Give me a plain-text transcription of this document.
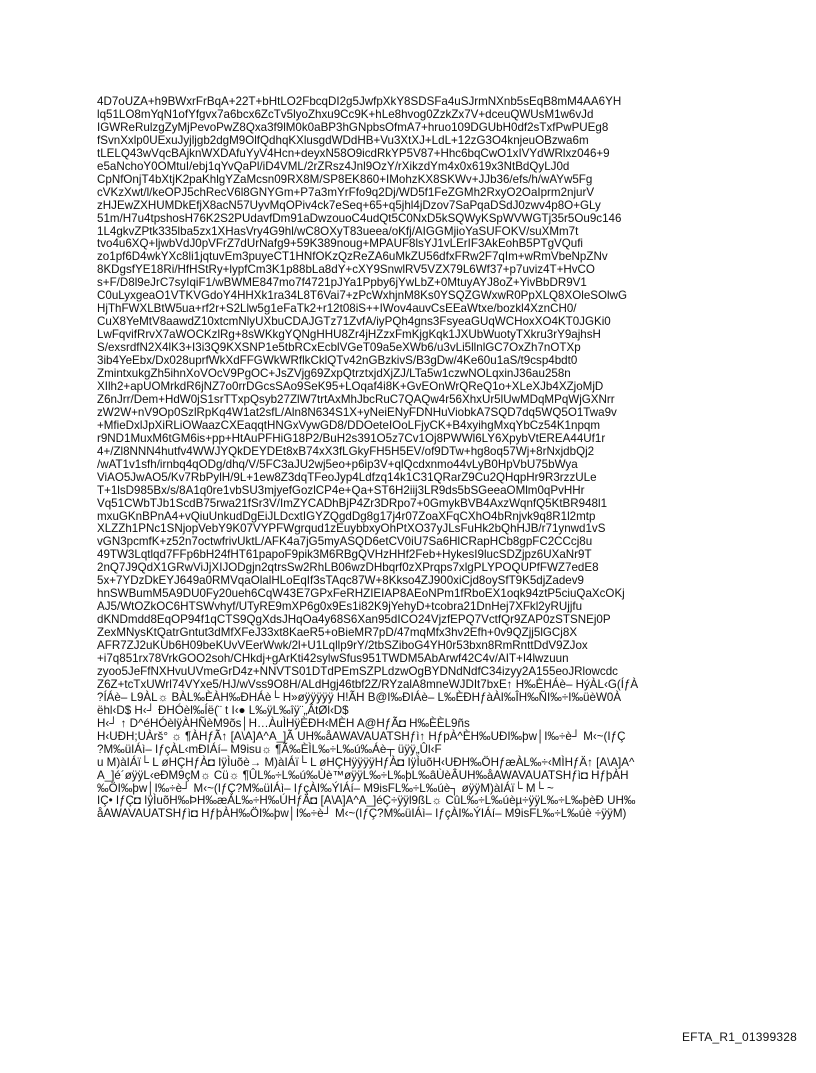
4D7oUZA+h9BWxrFrBqA+22T+bHtLO2FbcqDI2g5JwfpXkY8SDSFa4uSJrmNXnb5sEqB8mM4AA6YH
lq51LO8mYqN1ofYfgvx7a6bcx6ZcTv5lyoZhxu9Cc9K+hLe8hvog0ZzkZx7V+dceuQWUsM1w6vJd
IGWReRulzgZyMjPevoPwZ8Qxa3f9lM0k0aBP3hGNpbsOfmA7+hruo109DGUbH0df2sTxfPwPUEg8
fSvnXxlp0UExuJyjljgb2dgM9OlfQdhqKXlusgdWDdHB+Vu3XtXJ+LdL+12zG3O4knjeuOBzwa6m
tLELQ43wVqcBAjknWXDAfuYyV4Hcn+deyxN58O9icdRkYP5V87+Hhc6bqCwO1xIVYdWRlxz046+9
e5aNchoY0OMtuI/ebj1qYvQaPl/iD4VML/2rZRsz4Jnl9OzY/rXikzdYm4x0x619x3NtBdQyLJ0d
CpNfOnjT4bXtjK2paKhlgYZaMcsn09RX8M/SP8EK860+IMohzKX8SKWv+JJb36/efs/h/wAYw5Fg
cVKzXwt/l/keOPJ5chRecV6l8GNYGm+P7a3mYrFfo9q2Dj/WD5f1FeZGMh2RxyO2OaIprm2njurV
zHJEwZXHUMDkEfjX8acN57UyvMqOPiv4ck7eSeq+65+q5jhl4jDzov7SaPqaDSdJ0zwv4p8O+GLy
51m/H7u4tpshosH76K2S2PUdavfDm91aDwzouoC4udQt5C0NxD5kSQWyKSpWVWGTj35r5Ou9c146
1L4gkvZPtk335lba5zx1XHasVry4G9hl/wC8OXyT83ueea/oKfj/AIGGMjioYaSUFOKV/suXMm7t
tvo4u6XQ+ljwbVdJ0pVFrZ7dUrNafg9+59K389noug+MPAUF8lsYJ1vLErIF3AkEohB5PTgVQufi
zo1pf6D4wkYXc8li1jqtuvEm3puyeCT1HNfOKzQzReZA6uMkZU56dfxFRw2F7qIm+wRmVbeNpZNv
8KDgsfYE18Ri/HfHStRy+lypfCm3K1p88bLa8dY+cXY9SnwlRV5VZX79L6Wf37+p7uviz4T+HvCO
s+F/D8l9eJrC7syIqiF1/wBWME847mo7f4721pJYa1Ppby6jYwLbZ+0MtuyAYJ8oZ+YivBbDR9V1
C0uLyxgeaO1VTKVGdoY4HHXk1ra34L8T6Vai7+zPcWxhjnM8Ks0YSQZGWxwR0PpXLQ8XOleSOlwG
HjThFWXLBtW5ua+rf2r+S2Llw5g1eFaTk2+r12t08iS++IWov4auvCsEEaWtxe/bozkl4XznCH0/
CuX8YeMtV8aawdZ10xtcmNlyUXbuCDAJGTz71ZvfA/iyPQh4gns3FsyeaGUqWCHoxXO4KT0JGKi0
LwFqvifRrvX7aWOCKzlRg+8sWKkgYQNgHHU8Zr4jHZzxFmKjgKqk1JXUbWuotyTXkru3rY9ajhsH
S/exsrdfN2X4lK3+I3i3Q9KXSNP1e5tbRCxEcblVGeT09a5eXWb6/u3vLi5llnlGC7OxZh7nOTXp
3ib4YeEbx/Dx028uprfWkXdFFGWkWRflkCklQTv42nGBzkivS/B3gDw/4Ke60u1aS/t9csp4bdt0
ZmintxukgZh5ihnXoVOcV9PgOC+JsZVjg69ZxpQtrztxjdXjZJ/LTa5w1czwNOLqxinJ36au258n
XIlh2+apUOMrkdR6jNZ7o0rrDGcsSAo9SeK95+LOqaf4i8K+GvEOnWrQReQ1o+XLeXJb4XZjoMjD
Z6nJrr/Dem+HdW0jS1srTTxpQsyb27ZlW7trtAxMhJbcRuC7QAQw4r56XhxUr5lUwMDqMPqWjGXNrr
zW2W+nV9Op0SzlRpKq4W1at2sfL/Aln8N634S1X+yNeiENyFDNHuViobkA7SQD7dq5WQ5O1Twa9v
+MfieDxlJpXiRLiOWaazCXEaqqtHNGxVywGD8/DDOeteIOoLFjyCK+B4xyihgMxqYbCz54K1npqm
r9ND1MuxM6tGM6is+pp+HtAuPFHiG18P2/BuH2s391O5z7Cv1Oj8PWWl6LY6XpybVtEREA44Uf1r
4+/Zl8NNN4hutfv4WWJYQkDEYDEt8xB74xX3fLGkyFH5H5EV/of9DTw+hg8oq57Wj+8rNxjdbQj2
/wAT1v1sfh/irnbq4qODg/dhq/V/5FC3aJU2wj5eo+p6ip3V+qlQcdxnmo44vLyB0HpVbU75bWya
ViAO5JwAO5/Kv7RbPylH/9L+1ew8Z3dqTFeoJyp4Ldfzq14k1C31QRarZ9Cu2QHqpHr9R3rzzULe
T+1lsD985Bx/s/8A1q0re1vbSU3mjyefGozlCP4e+Qa+ST6H2iij3LR9ds5bSGeeaOMlm0qPvHHr
Vq51CWbTJb1ScdB75rwa21fSr3V/ImZYCADhBjP4Zr3DRpo7+0GmykBVB4AxzWqnfQ5KtBR948l1
mxuGKnBPnA4+vQiuUnkudDgEiJLDcxtIGYZQgdDg8g17j4r07ZoaXFqCXhO4bRnjvk9q8R1l2mtp
XLZZh1PNc1SNjopVebY9K07VYPFWgrqud1zEuybbxyOhPtXO37yJLsFuHk2bQhHJB/r71ynwd1vS
vGN3pcmfK+z52n7octwfrivUktL/AFK4a7jG5myASQD6etCV0iU7Sa6HlCRapHCb8gpFC2CCcj8u
49TW3Lqtlqd7FFp6bH24fHT61papoF9pik3M6RBgQVHzHHf2Feb+HykesI9lucSDZjpz6UXaNr9T
2nQ7J9QdX1GRwViJjXIJODgjn2qtrsSw2RhLB06wzDHbqrf0zXPrqps7xlgPLYPOQUPfFWZ7edE8
5x+7YDzDkEYJ649a0RMVqaOlalHLoEqIf3sTAqc87W+8Kkso4ZJ900xiCjd8oySfT9K5djZadev9
hnSWBumM5A9DU0Fy20ueh6CqW43E7GPxFeRHZIEIAP8AEoNPm1fRboEX1oqk94ztP5ciuQaXcOKj
AJ5/WtOZkOC6HTSWvhyf/UTyRE9mXP6g0x9Es1i82K9jYehyD+tcobra21DnHej7XFkl2yRUjjfu
dKNDmdd8EqOP94f1qCTS9QgXdsJHqOa4y68S6Xan95dICO24VjzfEPQ7VctfQr9ZAP0zSTSNEj0P
ZexMNysKtQatrGntut3dMfXFeJ33xt8KaeR5+oBieMR7pD/47mqMfx3hv2Efh+0v9QZjj5lGCj8X
AFR7ZJ2uKUb6H09beKUvVEerWwk/2l+U1Lqllp9rY/2tbSZiboG4YH0r53bxn8RmRnttDdV9ZJox
+i7q851rx78VrkGOO2soh/CHkdj+gArKti42sylwSfus951TWDM5AbArwf42C4v/AIT+I4lwzuun
zyoo5JeFfNXHvuUVmeGrD4z+NNVTS01DTdPEmSZPLdzwOgBYDNdNdfC34izyy2A155eoJRlowcdc
Z6Z+tcTxUWrl74VYxe5/HJ/wVss9O8H/ALdHgj46tbf2Z/RYzalA8mneWJDIt7bxE↑ H‰ÈHÁè– HýÀL‹G(ÍƒÀ
?ÍÁè– L9ÀL☼ BÀL‰ÈÀH‰ÐHÁè└ H»øÿÿÿÿÿ H!ÃH B@I‰ÐIÁè– L‰ÈÐHƒàÀI‰ÎH‰ÑI‰÷I‰üèW0À
ëhl‹D$ H‹┘ ÐHÓèl‰Íë(¨ t I‹● L‰ÿL‰îÿ¨„ÂtØl‹D$
H‹┘ ↑ D^éHÓèlÿÀHÑèM9õs│H…ÀuÌHÿÈÐH‹MÈH A@HƒÃ◘ H‰ÈÈL9ñs
H‹UÐH;UÀrš° ☼ ¶ÀHƒÃ↑ [A\A]A^A_]Ã UH‰åAWAVAUATSHƒì↑ HƒpÀ^ÈH‰UÐI‰þw│I‰÷è┘ M‹~(IƒÇ
?M‰üIÁì– IƒçÀL‹mÐIÁí– M9isu☼ ¶Ã‰ÈÌL‰÷L‰ú‰Áè┬ üÿÿ„Ûl‹F
u M)àIÁï└ L øHÇHƒÀ◘ IÿÌuõè→ M)àIÁï└ L øHÇHÿÿÿÿHƒÀ◘ IÿÌuõH‹UÐH‰ÖHƒæÀL‰÷‹MÌHƒÄ↑ [A\A]A^
A_]é´øÿÿL‹eÐM9çM☼ Cü☼ ¶ÛL‰÷L‰ú‰Ùè™øÿÿL‰÷L‰þL‰âÙèÂUH‰åAWAVAUATSHƒì◘ HƒþÀH
‰ÖI‰þw│I‰÷è┘ M‹~(IƒÇ?M‰üIÁì– IƒçÀI‰ÝIÁí– M9isFL‰÷L‰úè┐ øÿÿM)àIÁï└ M└ ~
IÇ• IƒÇ◘ IÿÌuõH‰ÞH‰æÀL‰÷H‰ÚHƒÄ◘ [A\A]A^A_]éÇ÷ÿÿl9ßL☼ CûL‰÷L‰úèµ÷ÿÿL‰÷L‰þèÐ UH‰
åAWAVAUATSHƒì◘ HƒþÀH‰ÖI‰þw│I‰÷è┘ M‹~(IƒÇ?M‰üIÁì– IƒçÀI‰ÝIÁí– M9isFL‰÷L‰úè ÷ÿÿM)
EFTA_R1_01399328
